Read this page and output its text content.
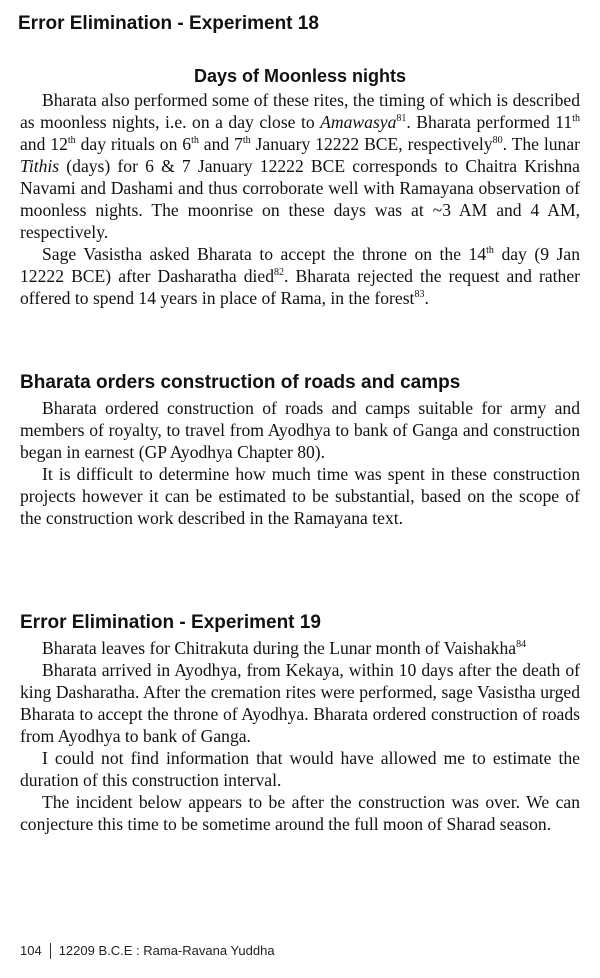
Error Elimination - Experiment 18
Days of Moonless nights

Bharata also performed some of these rites, the timing of which is described as moonless nights, i.e. on a day close to Amawasya$^{81}$. Bharata performed 11th and 12th day rituals on 6th and 7th January 12222 BCE, respectively$^{80}$. The lunar Tithis (days) for 6 & 7 January 12222 BCE corresponds to Chaitra Krishna Navami and Dashami and thus corroborate well with Ramayana observation of moonless nights. The moonrise on these days was at ~3 AM and 4 AM, respectively.

Sage Vasistha asked Bharata to accept the throne on the 14th day (9 Jan 12222 BCE) after Dasharatha died$^{82}$. Bharata rejected the request and rather offered to spend 14 years in place of Rama, in the forest$^{83}$.

Bharata orders construction of roads and camps

Bharata ordered construction of roads and camps suitable for army and members of royalty, to travel from Ayodhya to bank of Ganga and construction began in earnest (GP Ayodhya Chapter 80).

It is difficult to determine how much time was spent in these construction projects however it can be estimated to be substantial, based on the scope of the construction work described in the Ramayana text.

Error Elimination - Experiment 19

Bharata leaves for Chitrakuta during the Lunar month of Vaishakha$^{84}$

Bharata arrived in Ayodhya, from Kekaya, within 10 days after the death of king Dasharatha. After the cremation rites were performed, sage Vasistha urged Bharata to accept the throne of Ayodhya. Bharata ordered construction of roads from Ayodhya to bank of Ganga.

I could not find information that would have allowed me to estimate the duration of this construction interval.

The incident below appears to be after the construction was over. We can conjecture this time to be sometime around the full moon of Sharad season.

104 12209 B.C.E : Rama-Ravana Yuddha
